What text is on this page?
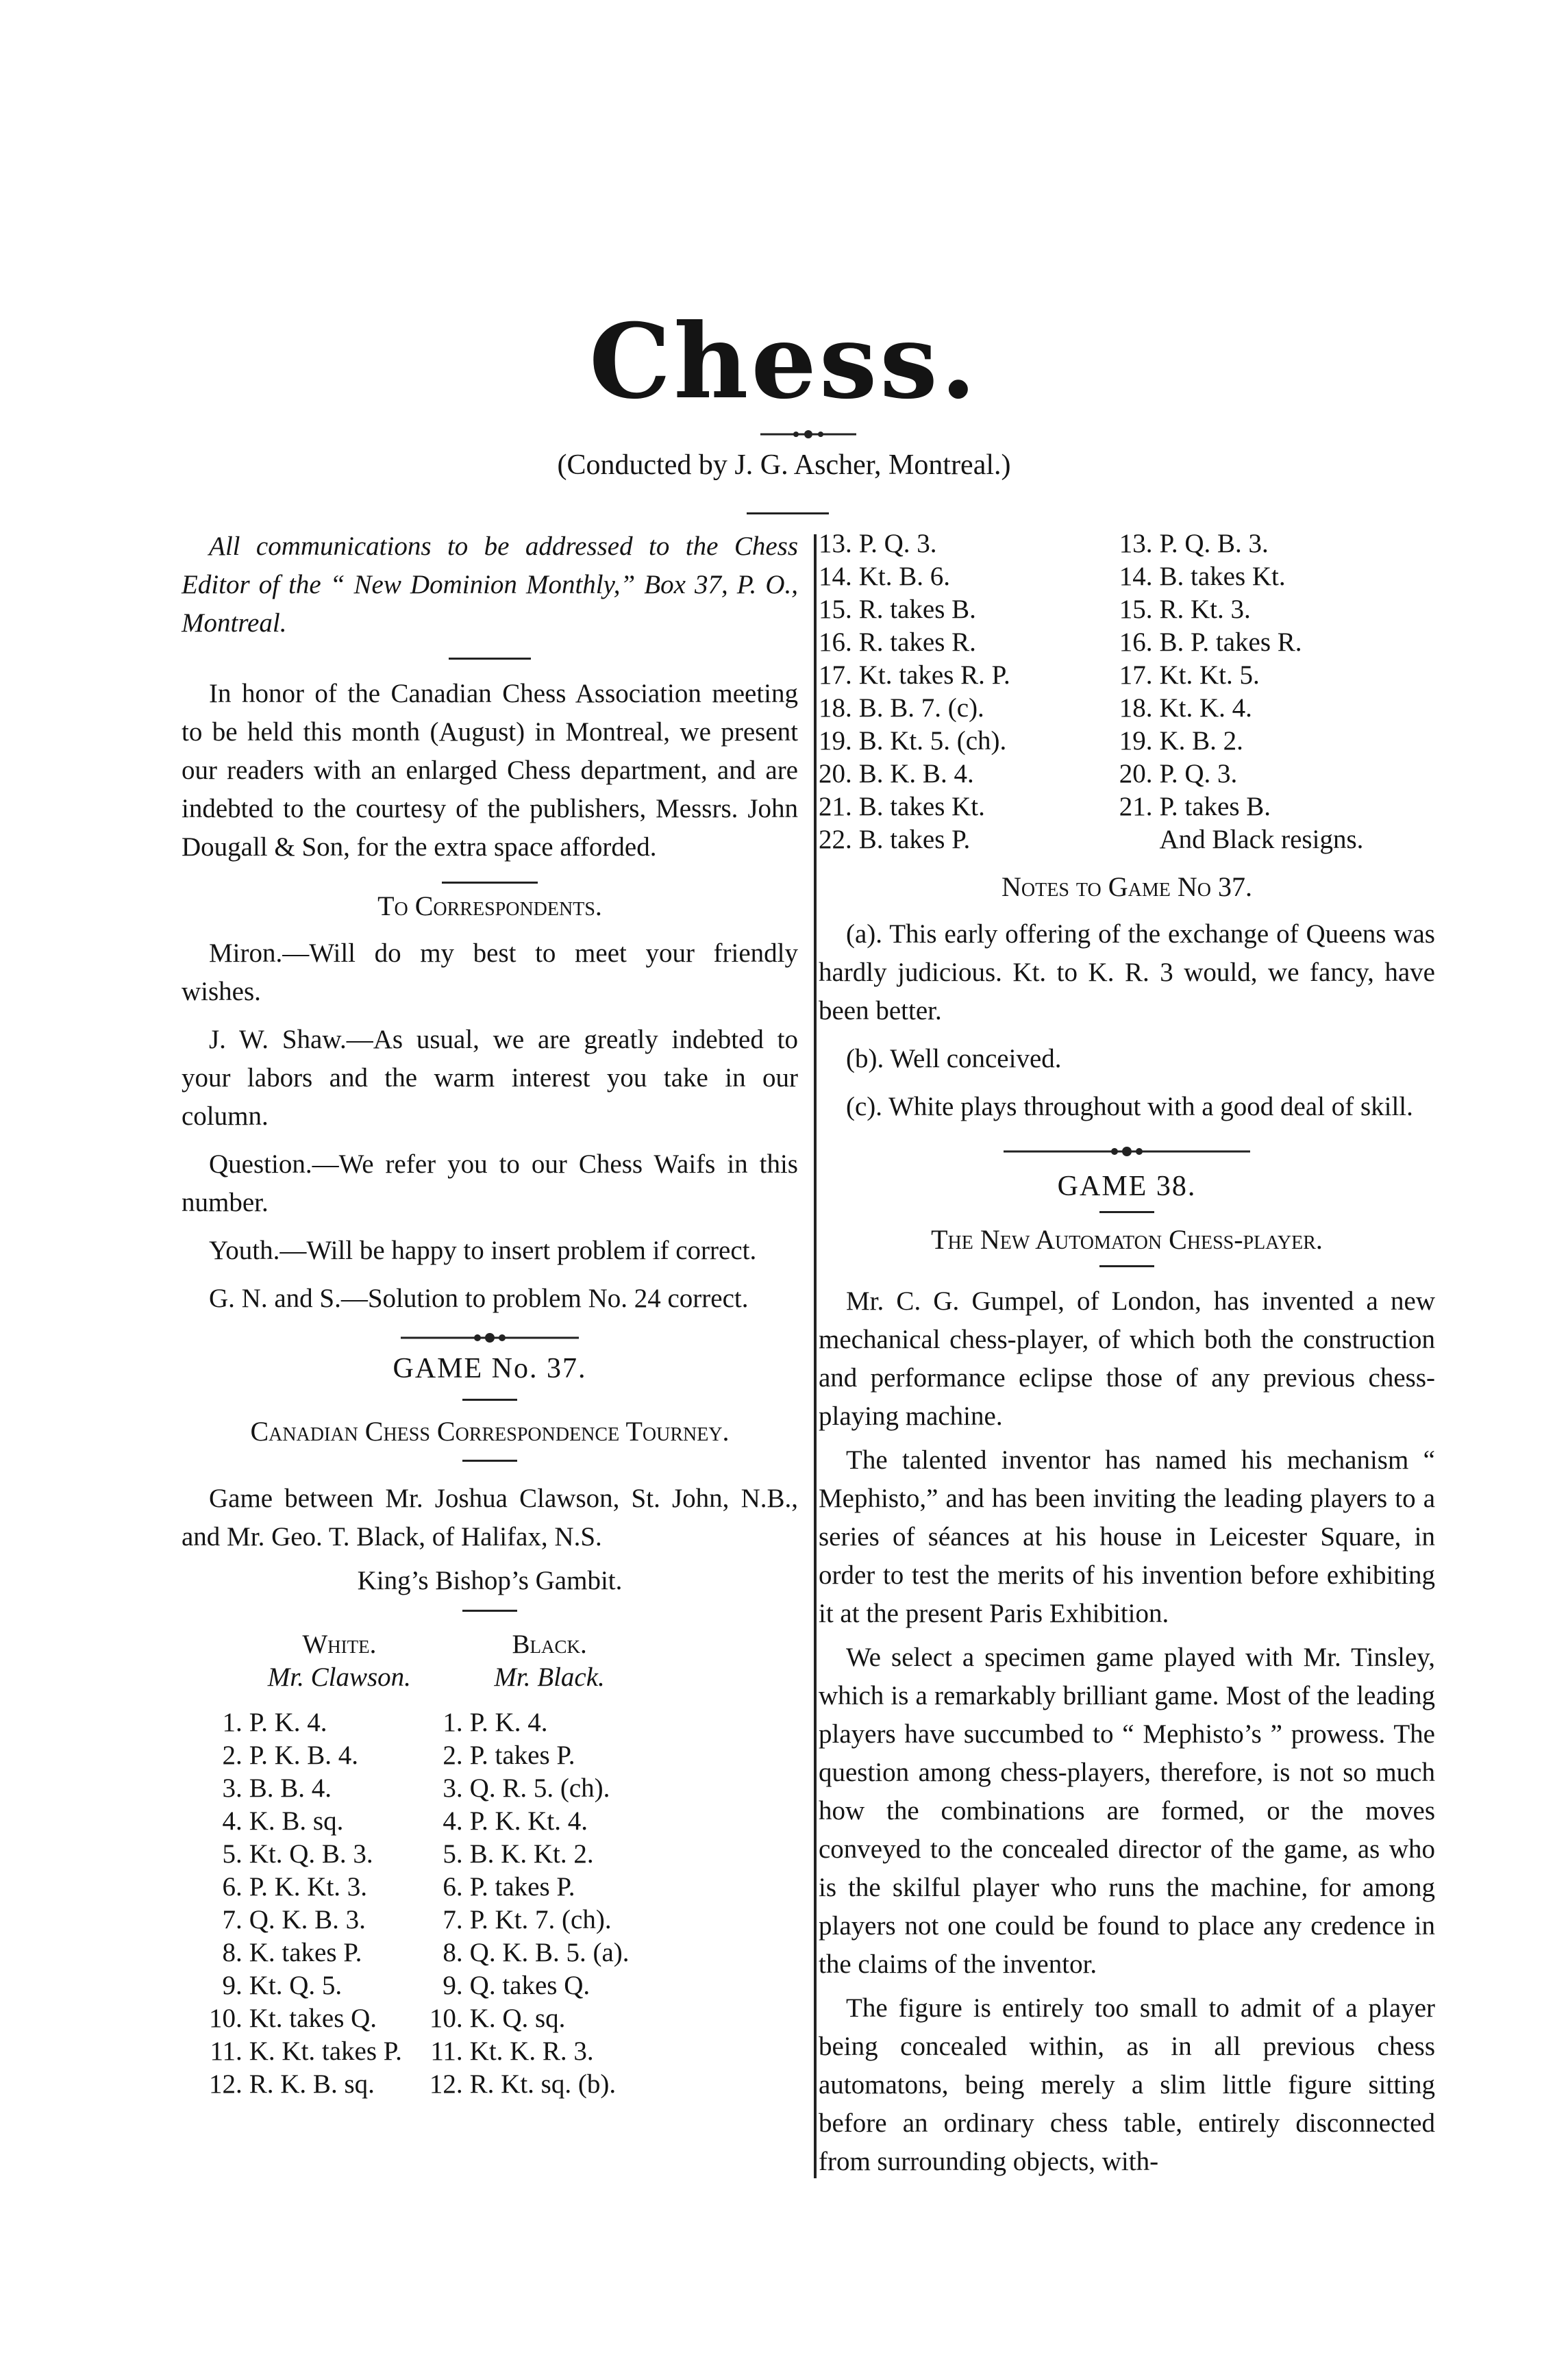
Chess.
(Conducted by J. G. Ascher, Montreal.)

All communications to be addressed to the Chess Editor of the “ New Dominion Monthly,” Box 37, P. O., Montreal.

In honor of the Canadian Chess Association meeting to be held this month (August) in Montreal, we present our readers with an enlarged Chess department, and are indebted to the courtesy of the publishers, Messrs. John Dougall & Son, for the extra space afforded.

To Correspondents.

Miron.—Will do my best to meet your friendly wishes.

J. W. Shaw.—As usual, we are greatly indebted to your labors and the warm interest you take in our column.

Question.—We refer you to our Chess Waifs in this number.

Youth.—Will be happy to insert problem if correct.

G. N. and S.—Solution to problem No. 24 correct.

GAME No. 37.

Canadian Chess Correspondence Tourney.

Game between Mr. Joshua Clawson, St. John, N.B., and Mr. Geo. T. Black, of Halifax, N.S.

King’s Bishop’s Gambit.

	White.		Black.
	Mr. Clawson.		Mr. Black.
1.	P. K. 4.	1.	P. K. 4.
2.	P. K. B. 4.	2.	P. takes P.
3.	B. B. 4.	3.	Q. R. 5. (ch).
4.	K. B. sq.	4.	P. K. Kt. 4.
5.	Kt. Q. B. 3.	5.	B. K. Kt. 2.
6.	P. K. Kt. 3.	6.	P. takes P.
7.	Q. K. B. 3.	7.	P. Kt. 7. (ch).
8.	K. takes P.	8.	Q. K. B. 5. (a).
9.	Kt. Q. 5.	9.	Q. takes Q.
10.	Kt. takes Q.	10.	K. Q. sq.
11.	K. Kt. takes P.	11.	Kt. K. R. 3.
12.	R. K. B. sq.	12.	R. Kt. sq. (b).
13.	P. Q. 3.	13.	P. Q. B. 3.
14.	Kt. B. 6.	14.	B. takes Kt.
15.	R. takes B.	15.	R. Kt. 3.
16.	R. takes R.	16.	B. P. takes R.
17.	Kt. takes R. P.	17.	Kt. Kt. 5.
18.	B. B. 7. (c).	18.	Kt. K. 4.
19.	B. Kt. 5. (ch).	19.	K. B. 2.
20.	B. K. B. 4.	20.	P. Q. 3.
21.	B. takes Kt.	21.	P. takes B.
22.	B. takes P.		And Black resigns.

Notes to Game No 37.

(a). This early offering of the exchange of Queens was hardly judicious. Kt. to K. R. 3 would, we fancy, have been better.

(b). Well conceived.

(c). White plays throughout with a good deal of skill.

GAME 38.

The New Automaton Chess-player.

Mr. C. G. Gumpel, of London, has invented a new mechanical chess-player, of which both the construction and performance eclipse those of any previous chess-playing machine.

The talented inventor has named his mechanism “ Mephisto,” and has been inviting the leading players to a series of séances at his house in Leicester Square, in order to test the merits of his invention before exhibiting it at the present Paris Exhibition.

We select a specimen game played with Mr. Tinsley, which is a remarkably brilliant game. Most of the leading players have succumbed to “ Mephisto’s ” prowess. The question among chess-players, therefore, is not so much how the combinations are formed, or the moves conveyed to the concealed director of the game, as who is the skilful player who runs the machine, for among players not one could be found to place any credence in the claims of the inventor.

The figure is entirely too small to admit of a player being concealed within, as in all previous chess automatons, being merely a slim little figure sitting before an ordinary chess table, entirely disconnected from surrounding objects, with-
